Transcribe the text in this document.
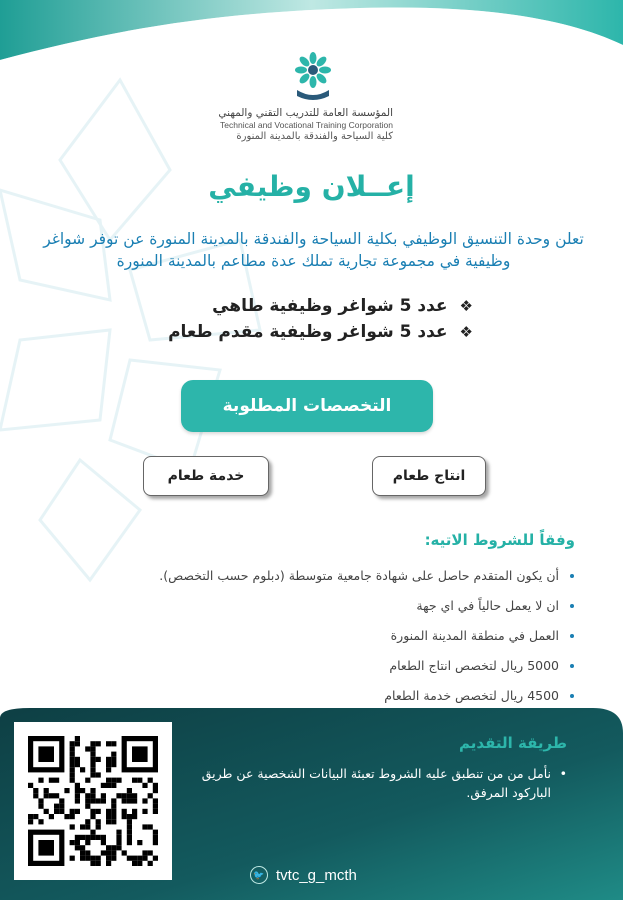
المؤسسة العامة للتدريب التقني والمهني
Technical and Vocational Training Corporation
كلية السياحة والفندقة بالمدينة المنورة
إعــلان وظيفي
تعلن وحدة التنسيق الوظيفي بكلية السياحة والفندقة بالمدينة المنورة عن توفر شواغر وظيفية في مجموعة تجارية تملك عدة مطاعم بالمدينة المنورة
❖عدد 5 شواغر وظيفية طاهي
❖عدد 5 شواغر وظيفية مقدم طعام
التخصصات المطلوبة
انتاج طعام
خدمة طعام
وفقاً للشروط الاتيه:
• أن يكون المتقدم حاصل على شهادة جامعية متوسطة (دبلوم حسب التخصص).
• ان لا يعمل حالياً في اي جهة
• العمل في منطقة المدينة المنورة
• 5000 ريال لتخصص انتاج الطعام
• 4500 ريال لتخصص خدمة الطعام
طريقة التقديم
•
نأمل من من تنطبق عليه الشروط تعبئة البيانات الشخصية عن طريق الباركود المرفق.
🐦 tvtc_g_mcth
